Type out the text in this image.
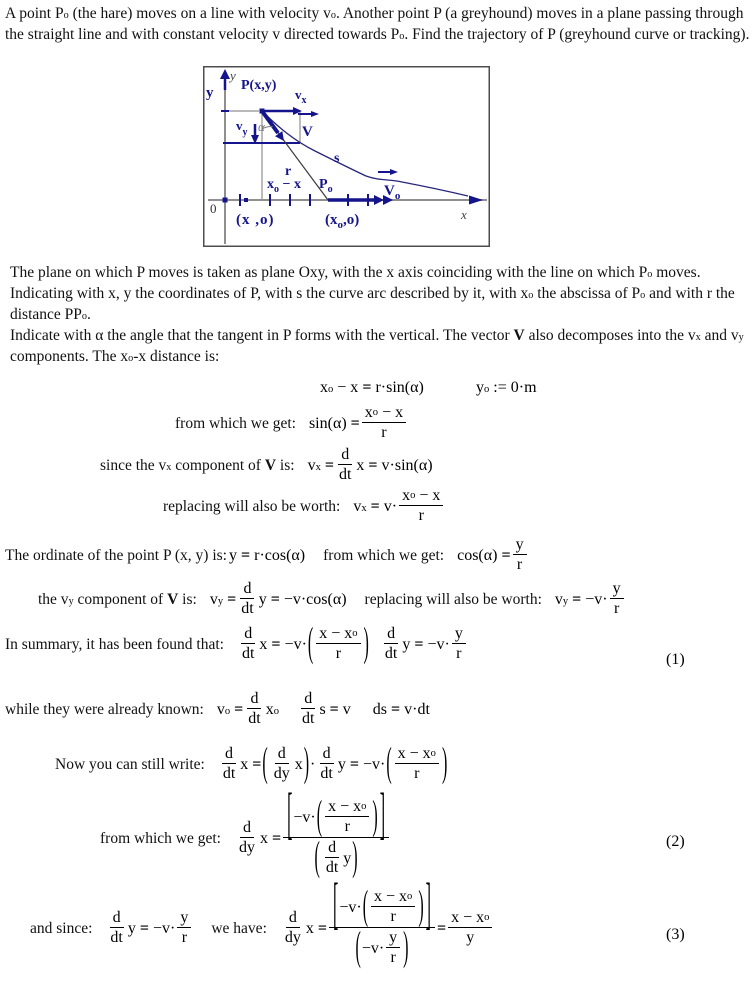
A point $P_o$ (the hare) moves on a line with velocity $v_o$. Another point P (a greyhound) moves in a plane passing through the straight line and with constant velocity v directed towards $P_o$. Find the trajectory of P (greyhound curve or tracking).

y
x
0
P(x,y)
y	$v_x$
$v_y$	V
α
r
s
$x_o - x$ $P_o$	$V_o$
(x ,o)	$(x_o,o)$

The plane on which P moves is taken as plane Oxy, with the x axis coinciding with the line on which $P_o$ moves.

Indicating with x, y the coordinates of P, with s the curve arc described by it, with $x_o$ the abscissa of $P_o$ and with r the distance $PP_o$.

Indicate with α the angle that the tangent in P forms with the vertical. The vector V also decomposes into the $v_x$ and $v_y$ components. The $x_o-x$ distance is:

$x_o - x = r\cdot\sin(\alpha)$	$y_o$ := 0·m
from which we get: $\sin(\alpha) = \frac{\text{x o − x}}{r}$
since the $v_x$ component of V is: $v_x = \frac{d}{dt}$ x = v·sin(α)
replacing will also be worth: $v_x = v\cdot \frac{\text{x o − x}}{r}$
The ordinate of the point P (x, y) is: y = r·cos(α) from which we get: $\cos(\alpha) = \frac{y}{r}$
the $v_y$ component of V is: $v_y = \frac{d}{dt}$ y = −v·cos(α) replacing will also be worth: $v_y = -v\cdot \frac{y}{r}$
In summary, it has been found that: $\frac{d}{dt}$ x = −v· ( $\frac{\text{x − x o}}{r}$ ) $\frac{d}{dt}$ $y = -v\cdot \frac{y}{r}$	(1)
while they were already known: $v_o = \frac{d}{dt} x_o \frac{d}{dt}$ s = v ds = v·dt
Now you can still write: $\frac{d}{dt}$ x = ( $\frac{d}{dy}$ x ) · $\frac{d}{dt}$ y = −v· ( $\frac{\text{x − x o}}{r}$ )
from which we get: $\frac{d}{dy}$ x = [ −v· ( $\frac{\text{x − x o}}{r}$ ) ]
( $\frac{d}{dt}$ y )	(2)
and since: $\frac{d}{dt}$ $y = -v\cdot \frac{y}{r}$ we have: $\frac{d}{dy}$ x = [ −v· ( $\frac{\text{x − x o}}{r}$ ) ]
( $-v\cdot \frac{y}{r}$ ) = $\frac{\text{x − x o}}{y}$	(3)
